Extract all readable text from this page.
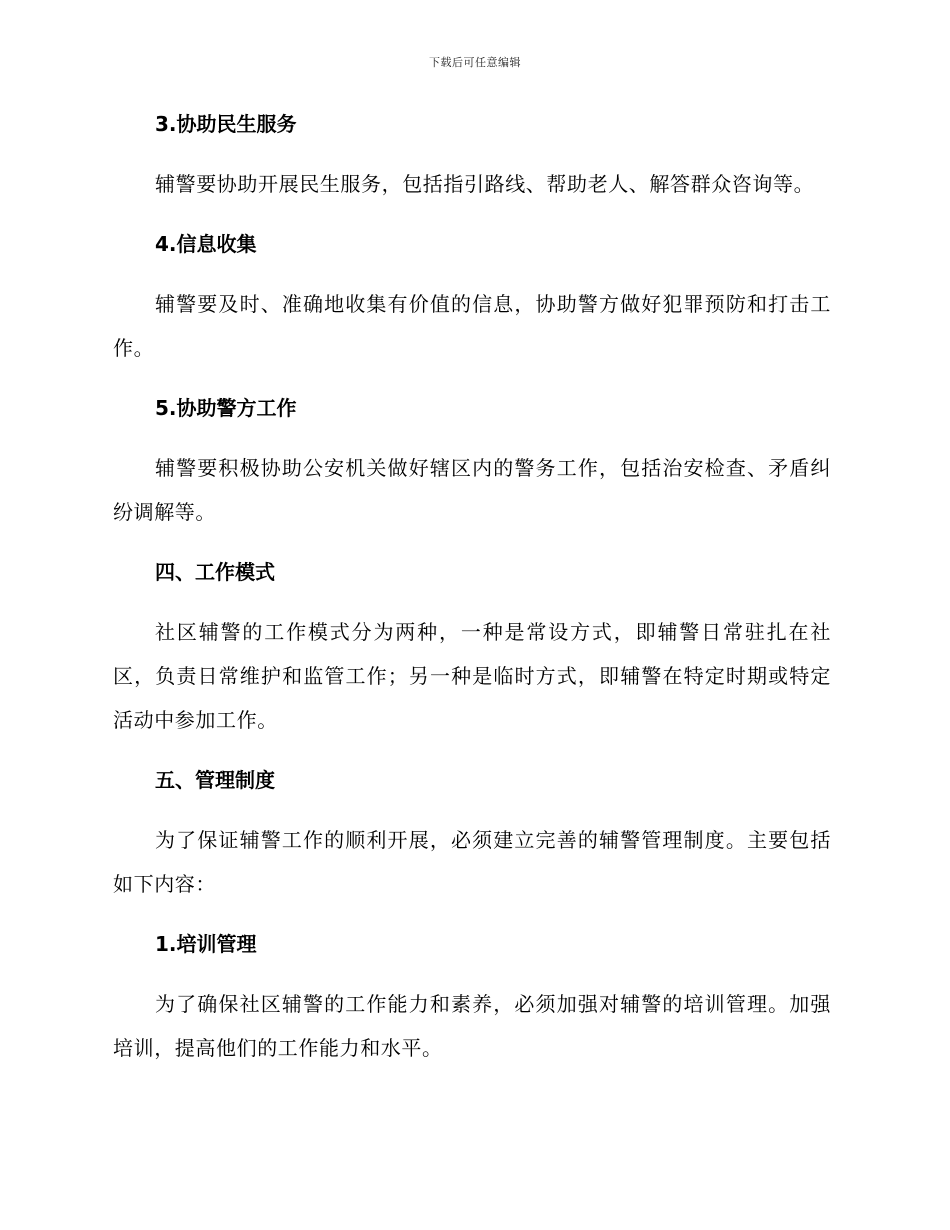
下载后可任意编辑
3.协助民生服务
辅警要协助开展民生服务，包括指引路线、帮助老人、解答群众咨询等。
4.信息收集
辅警要及时、准确地收集有价值的信息，协助警方做好犯罪预防和打击工作。
5.协助警方工作
辅警要积极协助公安机关做好辖区内的警务工作，包括治安检查、矛盾纠纷调解等。
四、工作模式
社区辅警的工作模式分为两种，一种是常设方式，即辅警日常驻扎在社区，负责日常维护和监管工作；另一种是临时方式，即辅警在特定时期或特定活动中参加工作。
五、管理制度
为了保证辅警工作的顺利开展，必须建立完善的辅警管理制度。主要包括如下内容：
1.培训管理
为了确保社区辅警的工作能力和素养，必须加强对辅警的培训管理。加强培训，提高他们的工作能力和水平。
